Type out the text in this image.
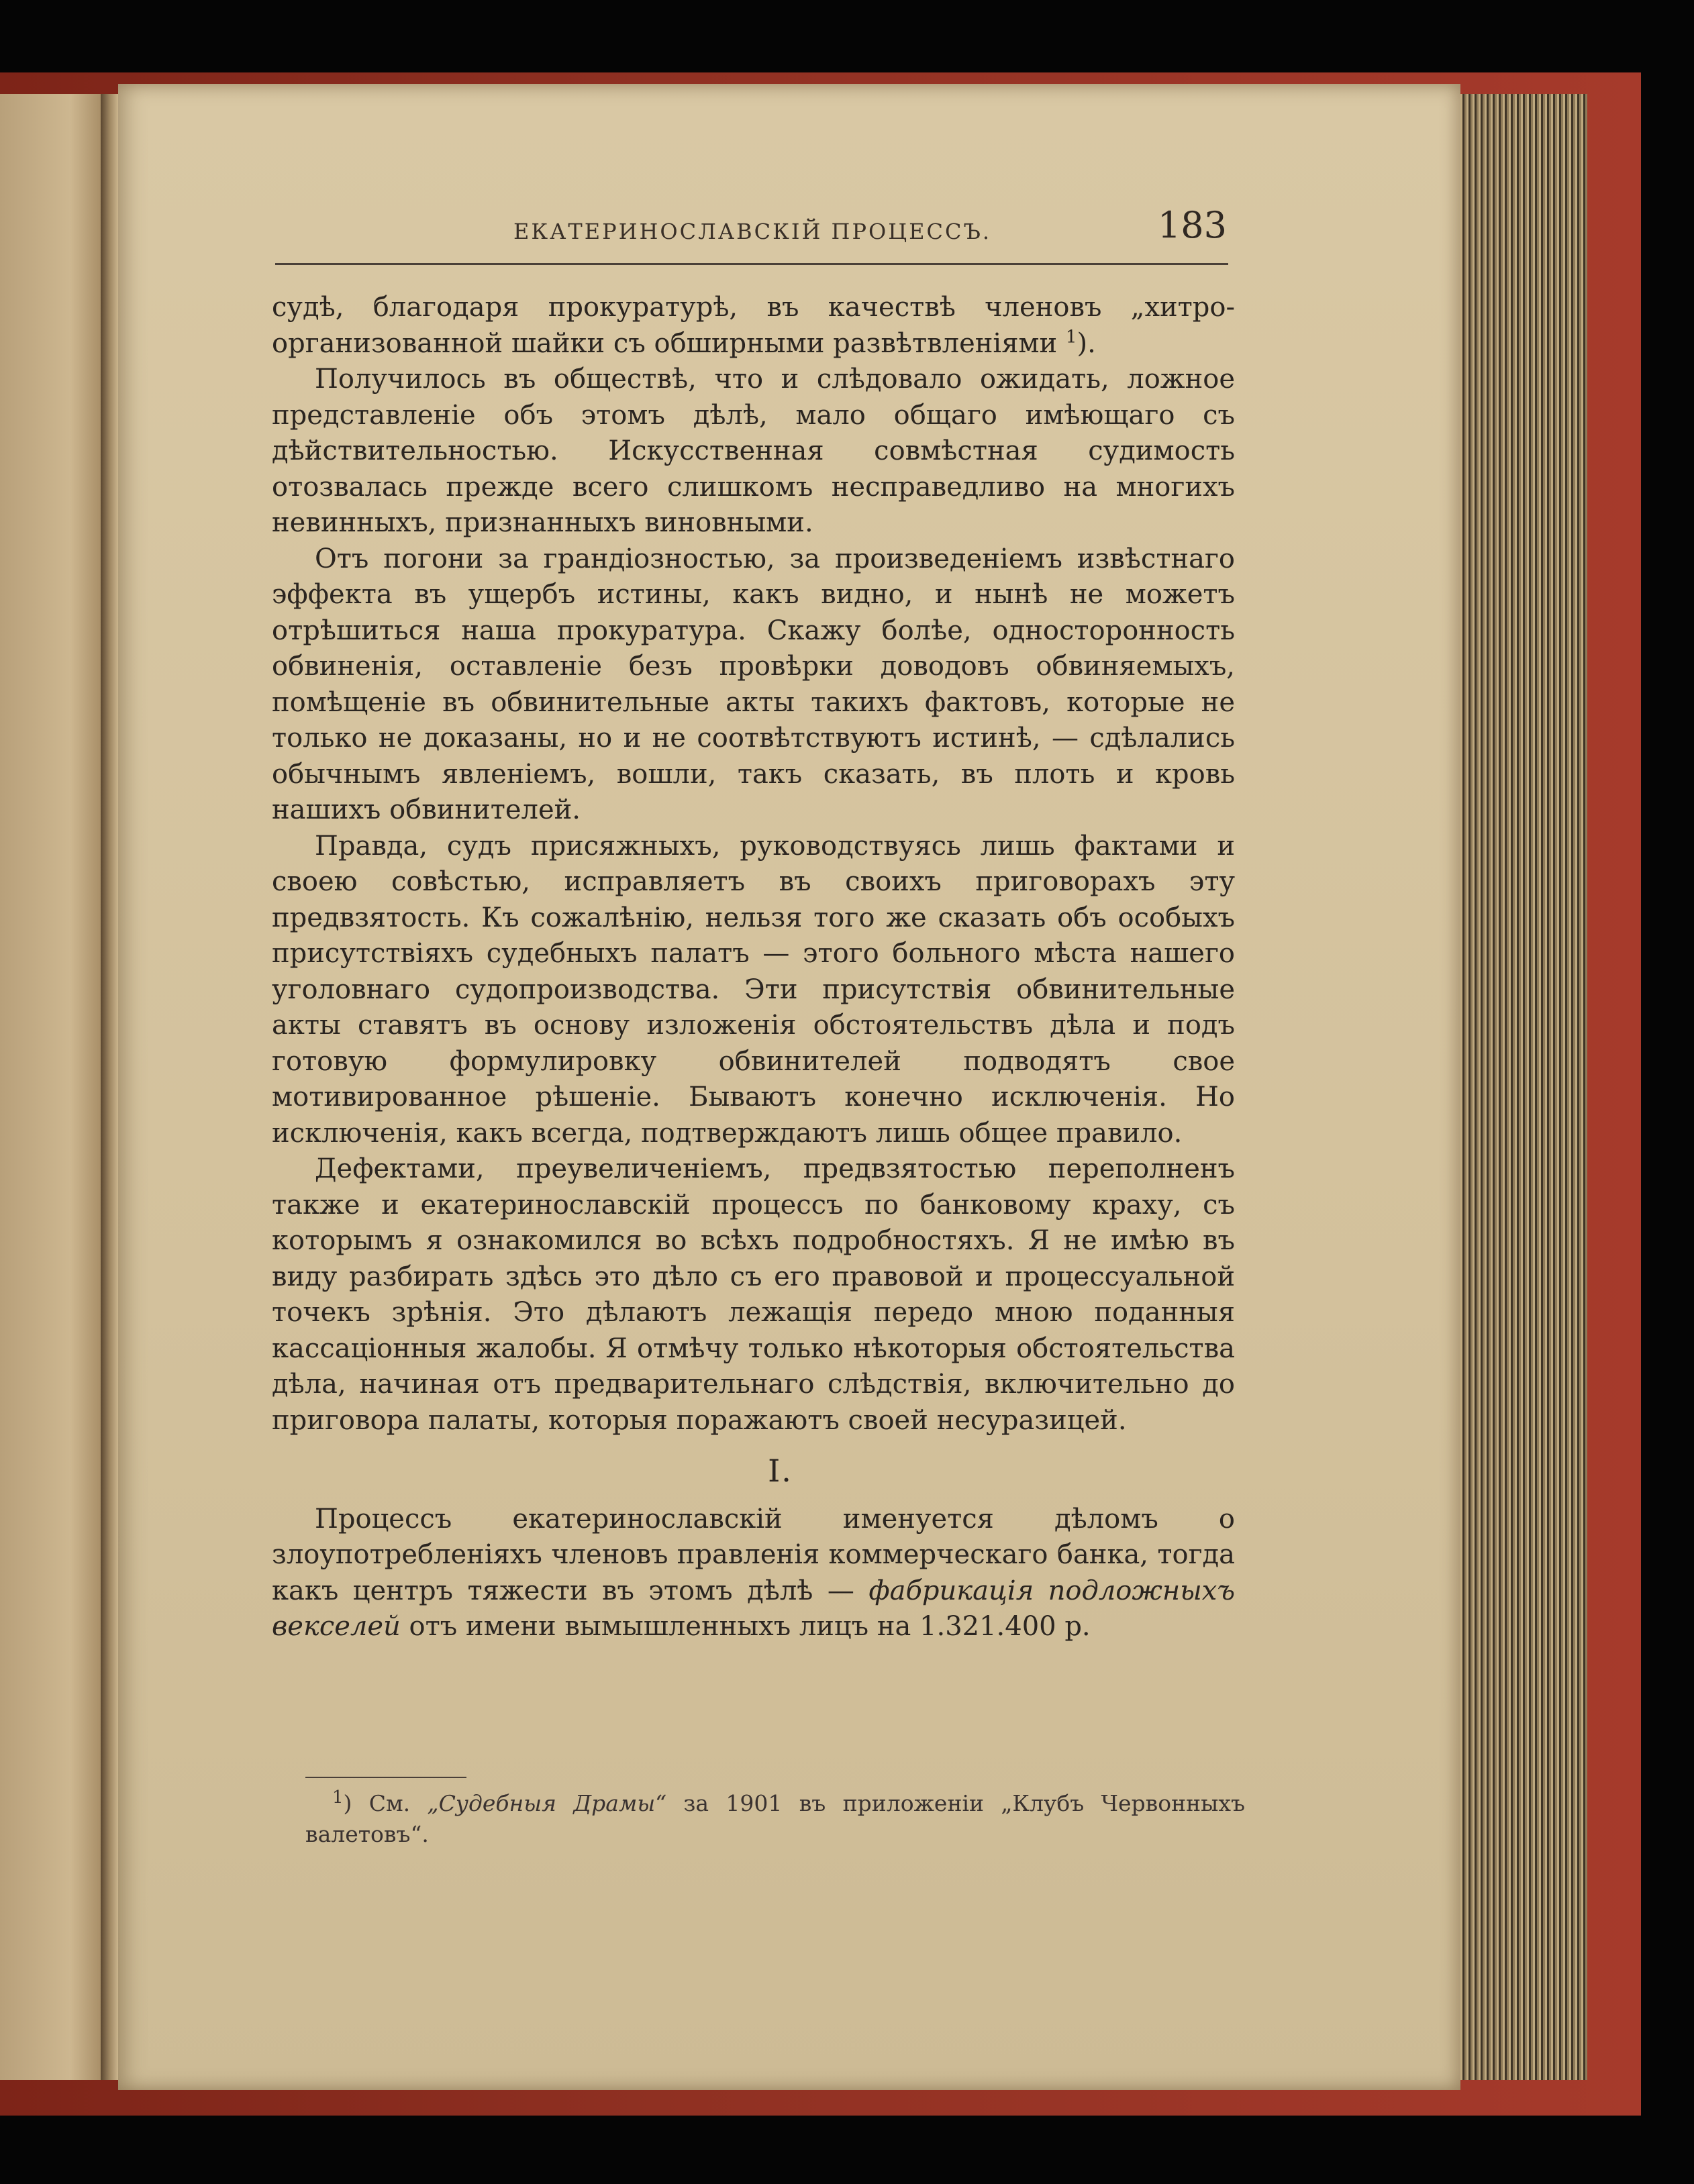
ЕКАТЕРИНОСЛАВСКІЙ ПРОЦЕССЪ.	183

судѣ, благодаря прокуратурѣ, въ качествѣ членовъ „хитро-организованной шайки съ обширными развѣтвленіями $^1$).

Получилось въ обществѣ, что и слѣдовало ожидать, ложное представленіе объ этомъ дѣлѣ, мало общаго имѣющаго съ дѣйствительностью. Искусственная совмѣстная судимость отозвалась прежде всего слишкомъ несправедливо на многихъ невинныхъ, признанныхъ виновными.

Отъ погони за грандіозностью, за произведеніемъ извѣстнаго эффекта въ ущербъ истины, какъ видно, и нынѣ не можетъ отрѣшиться наша прокуратура. Скажу болѣе, односторонность обвиненія, оставленіе безъ провѣрки доводовъ обвиняемыхъ, помѣщеніе въ обвинительные акты такихъ фактовъ, которые не только не доказаны, но и не соотвѣтствуютъ истинѣ, — сдѣлались обычнымъ явленіемъ, вошли, такъ сказать, въ плоть и кровь нашихъ обвинителей.

Правда, судъ присяжныхъ, руководствуясь лишь фактами и своею совѣстью, исправляетъ въ своихъ приговорахъ эту предвзятость. Къ сожалѣнію, нельзя того же сказать объ особыхъ присутствіяхъ судебныхъ палатъ — этого больного мѣста нашего уголовнаго судопроизводства. Эти присутствія обвинительные акты ставятъ въ основу изложенія обстоятельствъ дѣла и подъ готовую формулировку обвинителей подводятъ свое мотивированное рѣшеніе. Бываютъ конечно исключенія. Но исключенія, какъ всегда, подтверждаютъ лишь общее правило.

Дефектами, преувеличеніемъ, предвзятостью переполненъ также и екатеринославскій процессъ по банковому краху, съ которымъ я ознакомился во всѣхъ подробностяхъ. Я не имѣю въ виду разбирать здѣсь это дѣло съ его правовой и процессуальной точекъ зрѣнія. Это дѣлаютъ лежащія передо мною поданныя кассаціонныя жалобы. Я отмѣчу только нѣкоторыя обстоятельства дѣла, начиная отъ предварительнаго слѣдствія, включительно до приговора палаты, которыя поражаютъ своей несуразицей.

I.

Процессъ екатеринославскій именуется дѣломъ о злоупотребленіяхъ членовъ правленія коммерческаго банка, тогда какъ центръ тяжести въ этомъ дѣлѣ — фабрикація подложныхъ векселей отъ имени вымышленныхъ лицъ на 1.321.400 р.

$^1$) См. „Судебныя Драмы“ за 1901 въ приложеніи „Клубъ Червонныхъ валетовъ“.
